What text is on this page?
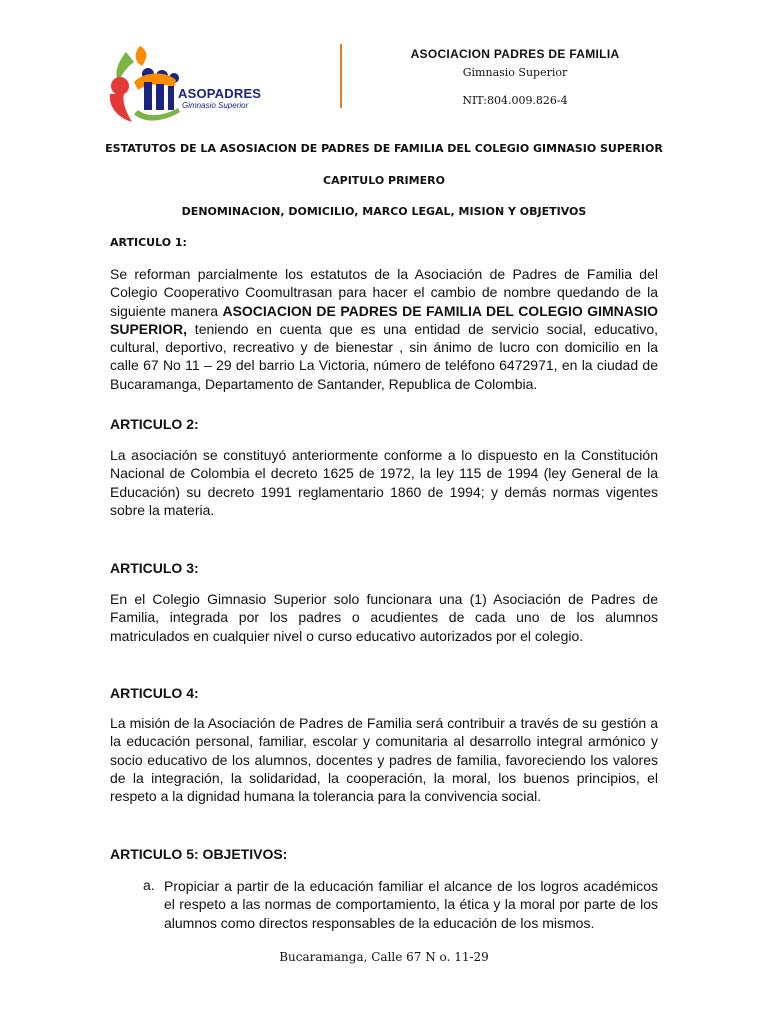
ASOPADRES
Gimnasio Superior
ASOCIACION PADRES DE FAMILIA
Gimnasio Superior
NIT:804.009.826-4
ESTATUTOS DE LA ASOSIACION DE PADRES DE FAMILIA DEL COLEGIO GIMNASIO SUPERIOR
CAPITULO PRIMERO
DENOMINACION, DOMICILIO, MARCO LEGAL, MISION Y OBJETIVOS
ARTICULO 1:
Se reforman parcialmente los estatutos de la Asociación de Padres de Familia del Colegio Cooperativo Coomultrasan para hacer el cambio de nombre quedando de la siguiente manera ASOCIACION DE PADRES DE FAMILIA DEL COLEGIO GIMNASIO SUPERIOR, teniendo en cuenta que es una entidad de servicio social, educativo, cultural, deportivo, recreativo y de bienestar , sin ánimo de lucro con domicilio en la calle 67 No 11 – 29 del barrio La Victoria, número de teléfono 6472971, en la ciudad de Bucaramanga, Departamento de Santander, Republica de Colombia.
ARTICULO 2:
La asociación se constituyó anteriormente conforme a lo dispuesto en la Constitución Nacional de Colombia el decreto 1625 de 1972, la ley 115 de 1994 (ley General de la Educación) su decreto 1991 reglamentario 1860 de 1994; y demás normas vigentes sobre la materia.
ARTICULO 3:
En el Colegio Gimnasio Superior solo funcionara una (1) Asociación de Padres de Familia, integrada por los padres o acudientes de cada uno de los alumnos matriculados en cualquier nivel o curso educativo autorizados por el colegio.
ARTICULO 4:
La misión de la Asociación de Padres de Familia será contribuir a través de su gestión a la educación personal, familiar, escolar y comunitaria al desarrollo integral armónico y socio educativo de los alumnos, docentes y padres de familia, favoreciendo los valores de la integración, la solidaridad, la cooperación, la moral, los buenos principios, el respeto a la dignidad humana la tolerancia para la convivencia social.
ARTICULO 5: OBJETIVOS:
a. Propiciar a partir de la educación familiar el alcance de los logros académicos el respeto a las normas de comportamiento, la ética y la moral por parte de los alumnos como directos responsables de la educación de los mismos.
Bucaramanga, Calle 67 N o. 11-29
